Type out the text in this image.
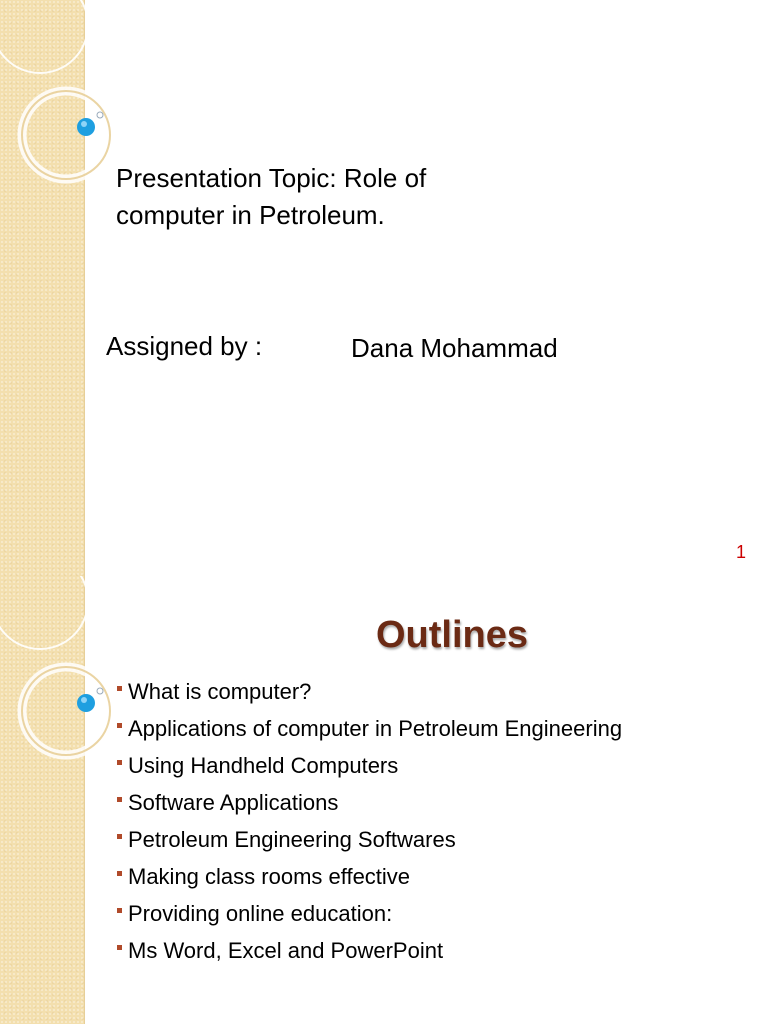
Presentation Topic: Role of computer in Petroleum.
Assigned by :	Dana Mohammad
1
Outlines
What is computer?
Applications of computer in Petroleum Engineering
Using Handheld Computers
Software Applications
Petroleum Engineering Softwares
Making class rooms effective
Providing online education:
Ms Word, Excel and PowerPoint
